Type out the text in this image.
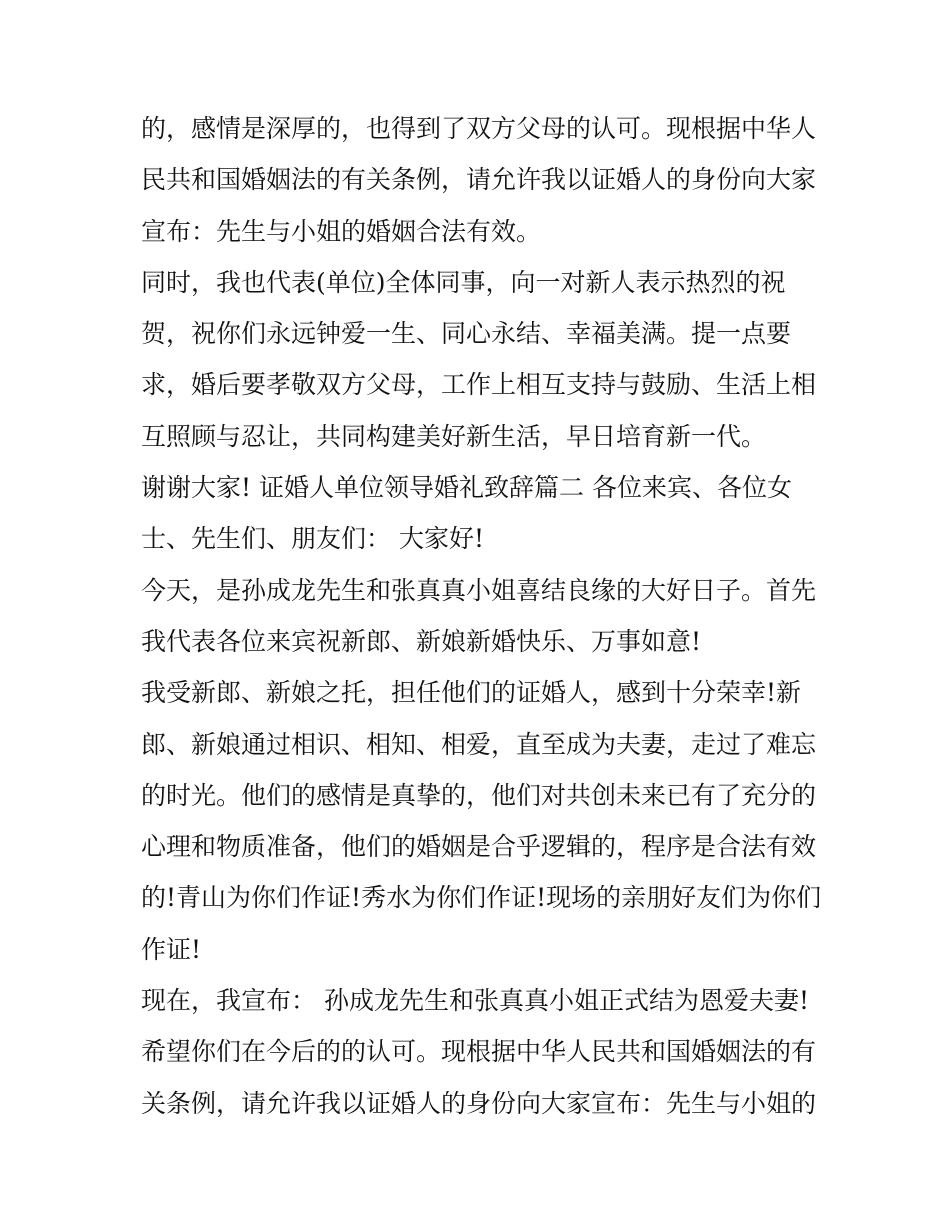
的，感情是深厚的，也得到了双方父母的认可。现根据中华人
民共和国婚姻法的有关条例，请允许我以证婚人的身份向大家
宣布：先生与小姐的婚姻合法有效。
同时，我也代表(单位)全体同事，向一对新人表示热烈的祝
贺，祝你们永远钟爱一生、同心永结、幸福美满。提一点要
求，婚后要孝敬双方父母，工作上相互支持与鼓励、生活上相
互照顾与忍让，共同构建美好新生活，早日培育新一代。
谢谢大家! 证婚人单位领导婚礼致辞篇二 各位来宾、各位女
士、先生们、朋友们： 大家好!
今天，是孙成龙先生和张真真小姐喜结良缘的大好日子。首先
我代表各位来宾祝新郎、新娘新婚快乐、万事如意!
我受新郎、新娘之托，担任他们的证婚人，感到十分荣幸!新
郎、新娘通过相识、相知、相爱，直至成为夫妻，走过了难忘
的时光。他们的感情是真挚的，他们对共创未来已有了充分的
心理和物质准备，他们的婚姻是合乎逻辑的，程序是合法有效
的!青山为你们作证!秀水为你们作证!现场的亲朋好友们为你们
作证!
现在，我宣布： 孙成龙先生和张真真小姐正式结为恩爱夫妻!
希望你们在今后的的认可。现根据中华人民共和国婚姻法的有
关条例，请允许我以证婚人的身份向大家宣布：先生与小姐的
